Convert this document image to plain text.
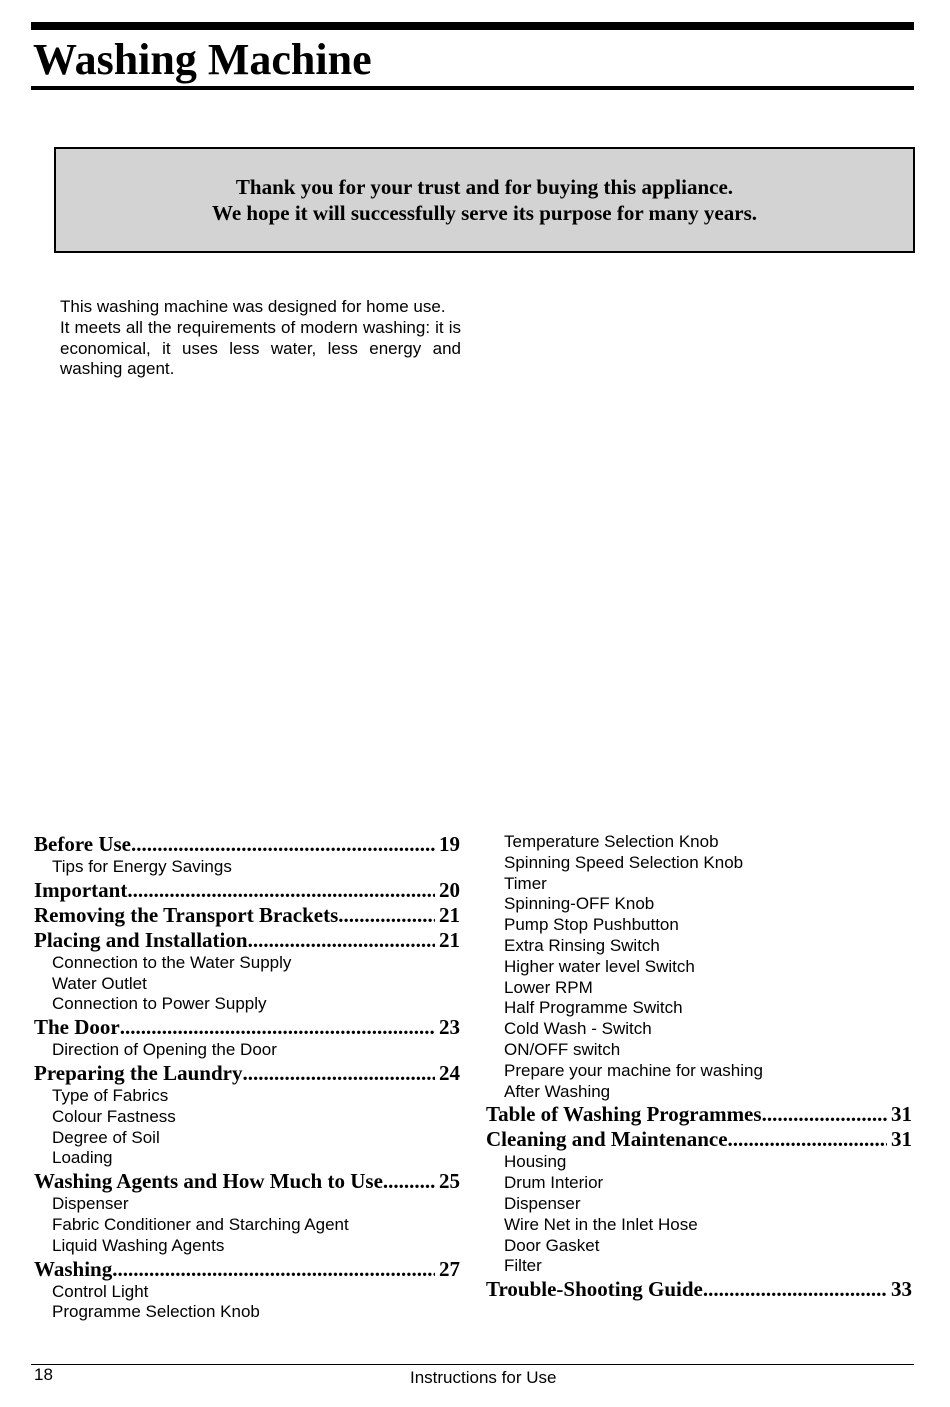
Washing Machine
Thank you for your trust and for buying this appliance.
We hope it will successfully serve its purpose for many years.

This washing machine was designed for home use.

It meets all the requirements of modern washing: it is economical, it uses less water, less energy and washing agent.

Before Use .....	19
Tips for Energy Savings
Important .....	20
Removing the Transport Brackets .....	21
Placing and Installation .....	21
Connection to the Water Supply
Water Outlet
Connection to Power Supply
The Door .....	23
Direction of Opening the Door
Preparing the Laundry .....	24
Type of Fabrics
Colour Fastness
Degree of Soil
Loading
Washing Agents and How Much to Use .....	25
Dispenser
Fabric Conditioner and Starching Agent
Liquid Washing Agents
Washing .....	27
Control Light
Programme Selection Knob
Temperature Selection Knob
Spinning Speed Selection Knob
Timer
Spinning-OFF Knob
Pump Stop Pushbutton
Extra Rinsing Switch
Higher water level Switch
Lower RPM
Half Programme Switch
Cold Wash - Switch
ON/OFF switch
Prepare your machine for washing
After Washing
Table of Washing Programmes .....	31
Cleaning and Maintenance .....	31
Housing
Drum Interior
Dispenser
Wire Net in the Inlet Hose
Door Gasket
Filter
Trouble-Shooting Guide .....	33
18	Instructions for Use
